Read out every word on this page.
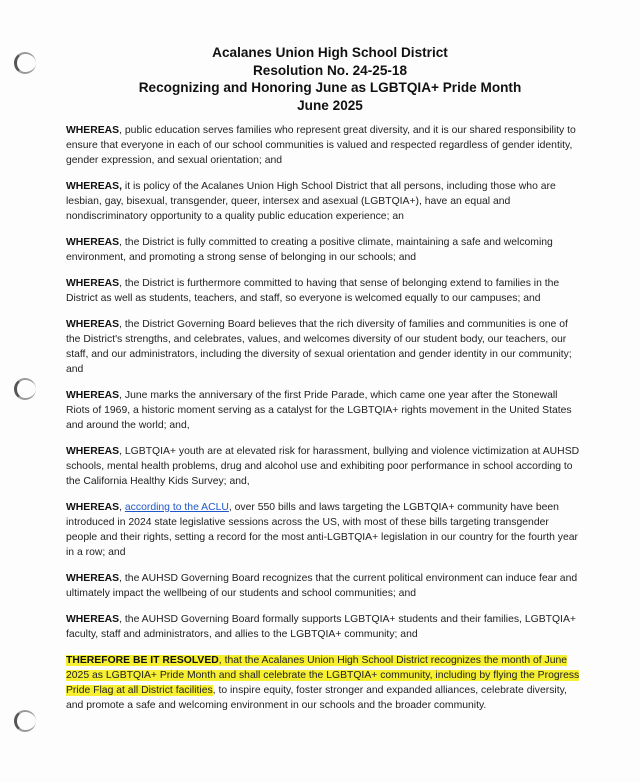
Acalanes Union High School District
Resolution No. 24-25-18
Recognizing and Honoring June as LGBTQIA+ Pride Month
June 2025

WHEREAS, public education serves families who represent great diversity, and it is our shared responsibility to ensure that everyone in each of our school communities is valued and respected regardless of gender identity, gender expression, and sexual orientation; and

WHEREAS, it is policy of the Acalanes Union High School District that all persons, including those who are lesbian, gay, bisexual, transgender, queer, intersex and asexual (LGBTQIA+), have an equal and nondiscriminatory opportunity to a quality public education experience; an

WHEREAS, the District is fully committed to creating a positive climate, maintaining a safe and welcoming environment, and promoting a strong sense of belonging in our schools; and

WHEREAS, the District is furthermore committed to having that sense of belonging extend to families in the District as well as students, teachers, and staff, so everyone is welcomed equally to our campuses; and

WHEREAS, the District Governing Board believes that the rich diversity of families and communities is one of the District's strengths, and celebrates, values, and welcomes diversity of our student body, our teachers, our staff, and our administrators, including the diversity of sexual orientation and gender identity in our community; and

WHEREAS, June marks the anniversary of the first Pride Parade, which came one year after the Stonewall Riots of 1969, a historic moment serving as a catalyst for the LGBTQIA+ rights movement in the United States and around the world; and,

WHEREAS, LGBTQIA+ youth are at elevated risk for harassment, bullying and violence victimization at AUHSD schools, mental health problems, drug and alcohol use and exhibiting poor performance in school according to the California Healthy Kids Survey; and,

WHEREAS, according to the ACLU, over 550 bills and laws targeting the LGBTQIA+ community have been introduced in 2024 state legislative sessions across the US, with most of these bills targeting transgender people and their rights, setting a record for the most anti-LGBTQIA+ legislation in our country for the fourth year in a row; and

WHEREAS, the AUHSD Governing Board recognizes that the current political environment can induce fear and ultimately impact the wellbeing of our students and school communities; and

WHEREAS, the AUHSD Governing Board formally supports LGBTQIA+ students and their families, LGBTQIA+ faculty, staff and administrators, and allies to the LGBTQIA+ community; and

THEREFORE BE IT RESOLVED, that the Acalanes Union High School District recognizes the month of June 2025 as LGBTQIA+ Pride Month and shall celebrate the LGBTQIA+ community, including by flying the Progress Pride Flag at all District facilities, to inspire equity, foster stronger and expanded alliances, celebrate diversity, and promote a safe and welcoming environment in our schools and the broader community.
